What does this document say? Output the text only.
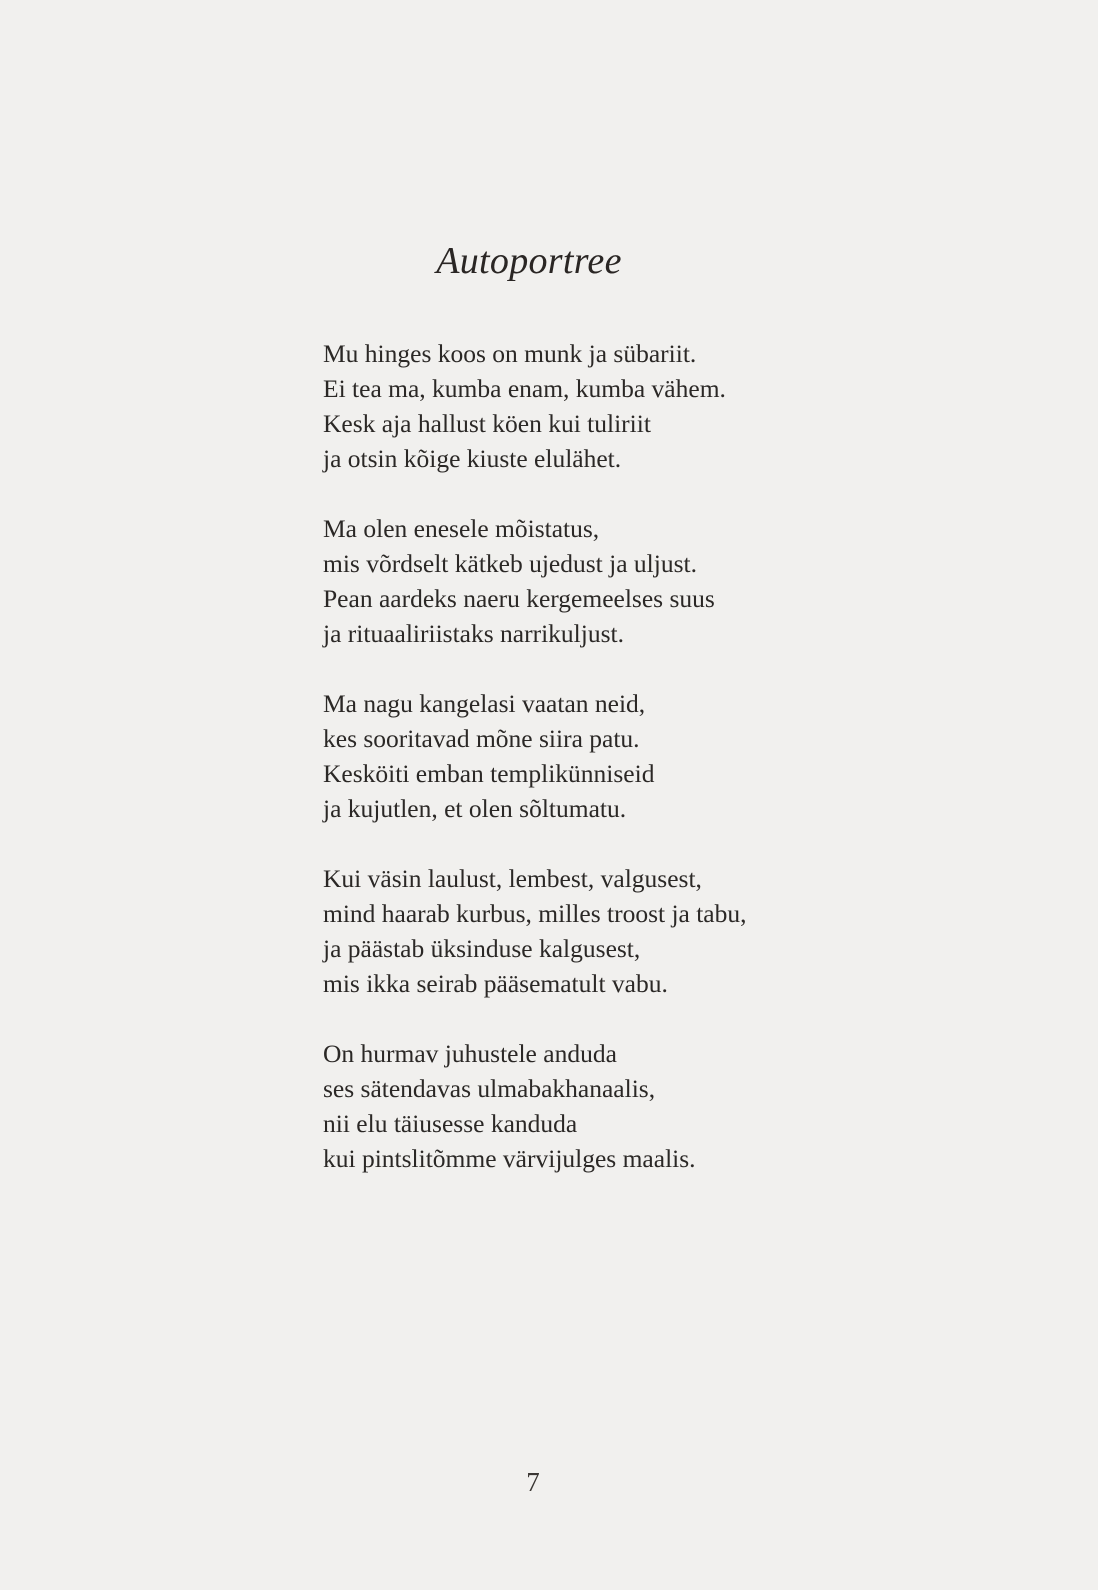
Autoportree
Mu hinges koos on munk ja sübariit.
Ei tea ma, kumba enam, kumba vähem.
Kesk aja hallust köen kui tuliriit
ja otsin kõige kiuste elulähet.
Ma olen enesele mõistatus,
mis võrdselt kätkeb ujedust ja uljust.
Pean aardeks naeru kergemeelses suus
ja rituaaliriistaks narrikuljust.
Ma nagu kangelasi vaatan neid,
kes sooritavad mõne siira patu.
Kesköiti emban templikünniseid
ja kujutlen, et olen sõltumatu.
Kui väsin laulust, lembest, valgusest,
mind haarab kurbus, milles troost ja tabu,
ja päästab üksinduse kalgusest,
mis ikka seirab pääsematult vabu.
On hurmav juhustele anduda
ses sätendavas ulmabakhanaalis,
nii elu täiusesse kanduda
kui pintslitõmme värvijulges maalis.
7
